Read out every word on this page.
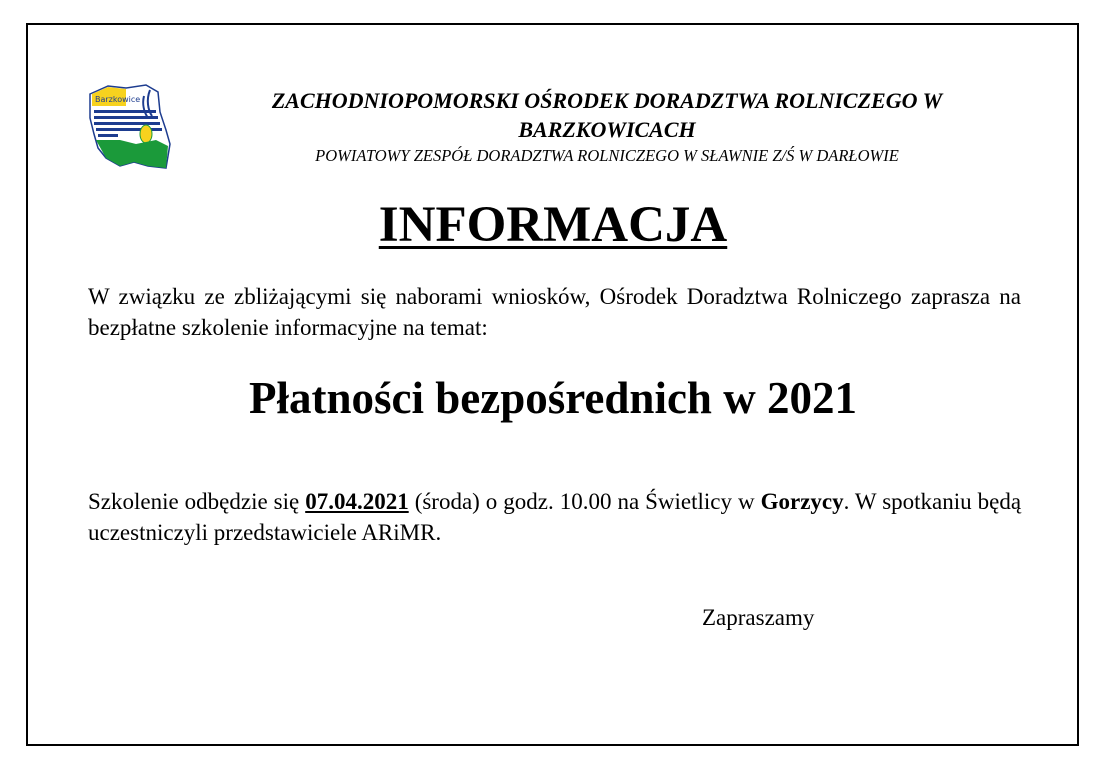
Barzkowice	ZACHODNIOPOMORSKI OŚRODEK DORADZTWA ROLNICZEGO W BARZKOWICACH
POWIATOWY ZESPÓŁ DORADZTWA ROLNICZEGO W SŁAWNIE Z/Ś W DARŁOWIE
INFORMACJA
W związku ze zbliżającymi się naborami wniosków, Ośrodek Doradztwa Rolniczego zaprasza na bezpłatne szkolenie informacyjne na temat:
Płatności bezpośrednich w 2021
Szkolenie odbędzie się 07.04.2021 (środa) o godz. 10.00 na Świetlicy w Gorzycy. W spotkaniu będą uczestniczyli przedstawiciele ARiMR.
Zapraszamy
